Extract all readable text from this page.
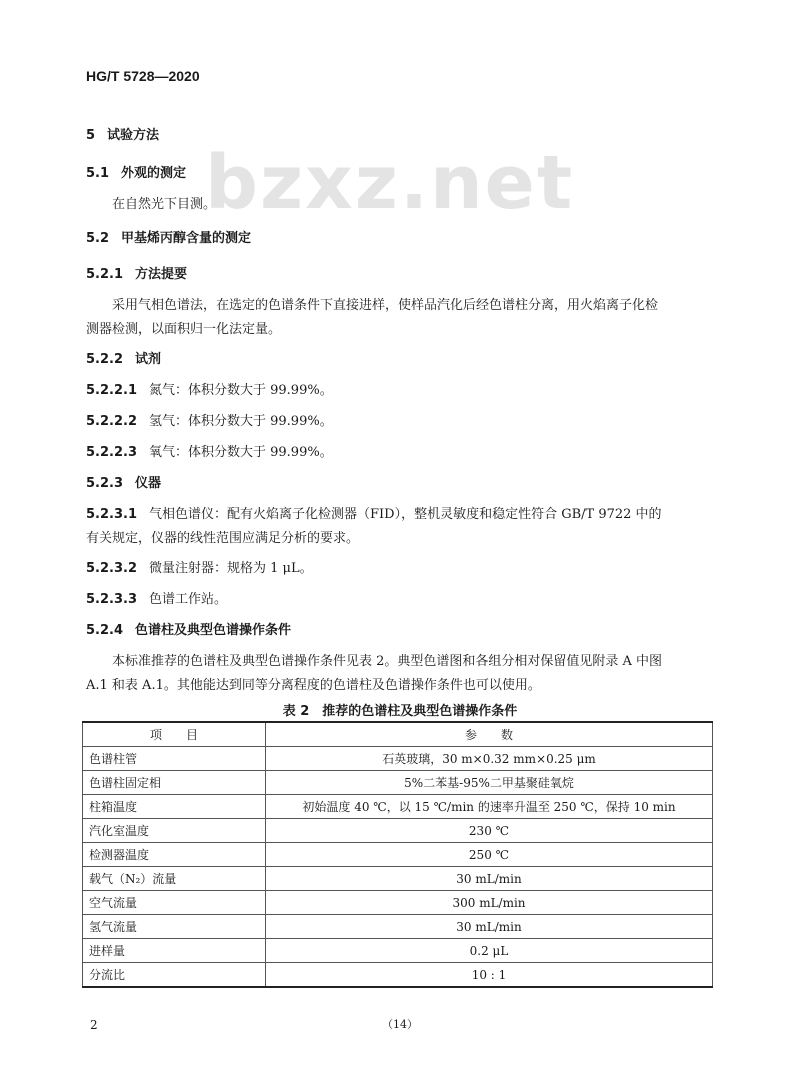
HG/T 5728—2020
bzxz.net
5 试验方法
5.1 外观的测定
在自然光下目测。
5.2 甲基烯丙醇含量的测定
5.2.1 方法提要
采用气相色谱法，在选定的色谱条件下直接进样，使样品汽化后经色谱柱分离，用火焰离子化检
测器检测，以面积归一化法定量。
5.2.2 试剂
5.2.2.1 氮气：体积分数大于 99.99%。
5.2.2.2 氢气：体积分数大于 99.99%。
5.2.2.3 氧气：体积分数大于 99.99%。
5.2.3 仪器
5.2.3.1 气相色谱仪：配有火焰离子化检测器（FID），整机灵敏度和稳定性符合 GB/T 9722 中的
有关规定，仪器的线性范围应满足分析的要求。
5.2.3.2 微量注射器：规格为 1 μL。
5.2.3.3 色谱工作站。
5.2.4 色谱柱及典型色谱操作条件
本标准推荐的色谱柱及典型色谱操作条件见表 2。典型色谱图和各组分相对保留值见附录 A 中图
A.1 和表 A.1。其他能达到同等分离程度的色谱柱及色谱操作条件也可以使用。
表 2　推荐的色谱柱及典型色谱操作条件
项　　目	参　　数
色谱柱管	石英玻璃，30 m×0.32 mm×0.25 μm
色谱柱固定相	5%二苯基-95%二甲基聚硅氧烷
柱箱温度	初始温度 40 ℃，以 15 ℃/min 的速率升温至 250 ℃，保持 10 min
汽化室温度	230 ℃
检测器温度	250 ℃
载气（N₂）流量	30 mL/min
空气流量	300 mL/min
氢气流量	30 mL/min
进样量	0.2 μL
分流比	10 : 1
2	（14）
